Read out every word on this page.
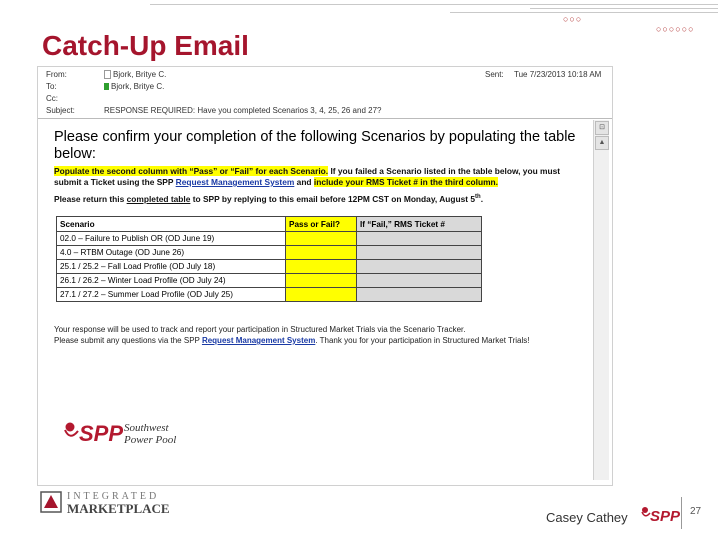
○○○
○○○○○○
Catch-Up Email
From:	Bjork, Britye C.	Sent: Tue 7/23/2013 10:18 AM
To:	Bjork, Britye C.
Cc:
Subject:	RESPONSE REQUIRED: Have you completed Scenarios 3, 4, 25, 26 and 27?
⊡
▲
Please confirm your completion of the following Scenarios by populating the table below:
Populate the second column with “Pass” or “Fail” for each Scenario. If you failed a Scenario listed in the table below, you must submit a Ticket using the SPP Request Management System and include your RMS Ticket # in the third column.
Please return this completed table to SPP by replying to this email before 12PM CST on Monday, August 5th.
Scenario	Pass or Fail?	If “Fail,” RMS Ticket #
02.0 – Failure to Publish OR (OD June 19)		
4.0 – RTBM Outage (OD June 26)		
25.1 / 25.2 – Fall Load Profile (OD July 18)		
26.1 / 26.2 – Winter Load Profile (OD July 24)		
27.1 / 27.2 – Summer Load Profile (OD July 25)		
Your response will be used to track and report your participation in Structured Market Trials via the Scenario Tracker.
Please submit any questions via the SPP Request Management System. Thank you for your participation in Structured Market Trials!
SPP Southwest
Power Pool
INTEGRATED
MARKETPLACE
Casey Cathey SPP 27
